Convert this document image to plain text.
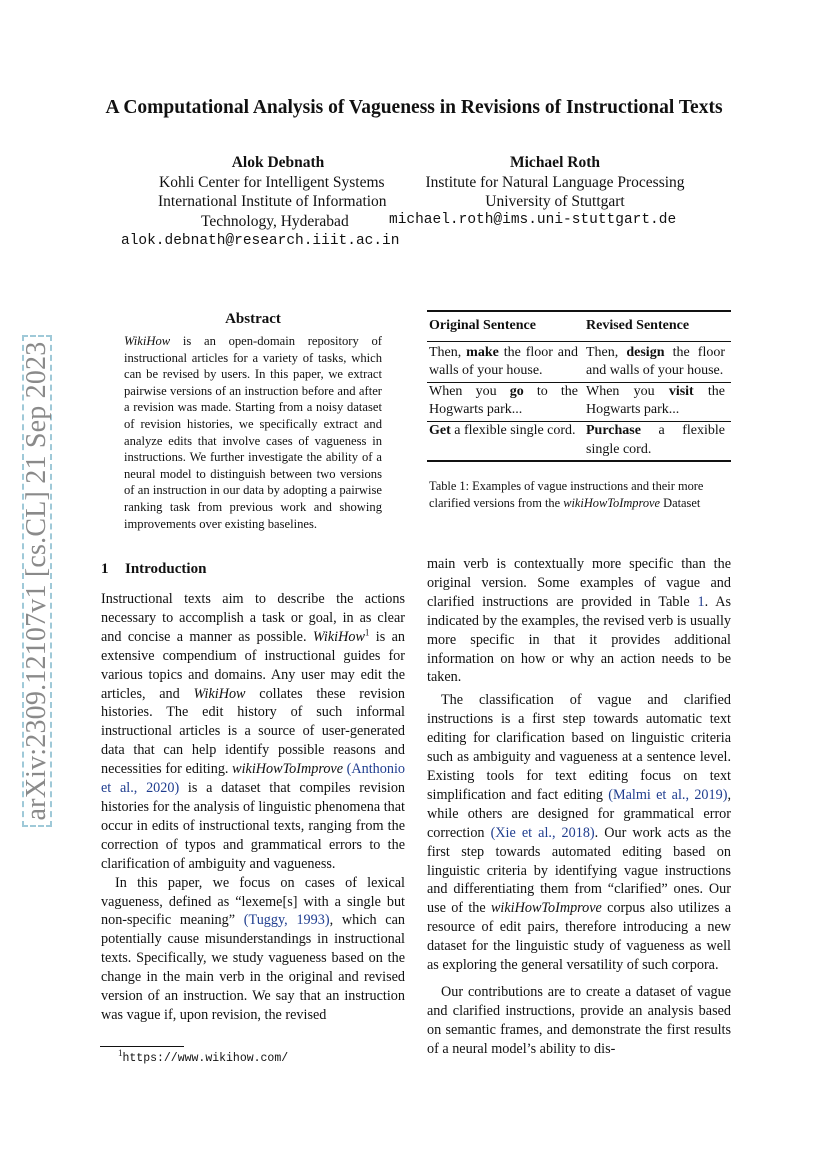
arXiv:2309.12107v1 [cs.CL] 21 Sep 2023
A Computational Analysis of Vagueness in Revisions of Instructional Texts
Alok Debnath
Kohli Center for Intelligent Systems
International Institute of Information
Technology, Hyderabad
alok.debnath@research.iiit.ac.in
Michael Roth
Institute for Natural Language Processing
University of Stuttgart
michael.roth@ims.uni-stuttgart.de
Abstract
WikiHow is an open-domain repository of instructional articles for a variety of tasks, which can be revised by users. In this paper, we extract pairwise versions of an instruction before and after a revision was made. Starting from a noisy dataset of revision histories, we specifically extract and analyze edits that involve cases of vagueness in instructions. We further investigate the ability of a neural model to distinguish between two versions of an instruction in our data by adopting a pairwise ranking task from previous work and showing improvements over existing baselines.
1 Introduction

Instructional texts aim to describe the actions necessary to accomplish a task or goal, in as clear and concise a manner as possible. WikiHow$^1$ is an extensive compendium of instructional guides for various topics and domains. Any user may edit the articles, and WikiHow collates these revision histories. The edit history of such informal instructional articles is a source of user-generated data that can help identify possible reasons and necessities for editing. wikiHowToImprove (Anthonio et al., 2020) is a dataset that compiles revision histories for the analysis of linguistic phenomena that occur in edits of instructional texts, ranging from the correction of typos and grammatical errors to the clarification of ambiguity and vagueness.

In this paper, we focus on cases of lexical vagueness, defined as “lexeme[s] with a single but non-specific meaning” (Tuggy, 1993), which can potentially cause misunderstandings in instructional texts. Specifically, we study vagueness based on the change in the main verb in the original and revised version of an instruction. We say that an instruction was vague if, upon revision, the revised

Original Sentence	Revised Sentence
Then, make the floor and walls of your house.	Then, design the floor and walls of your house.
When you go to the Hogwarts park...	When you visit the Hogwarts park...
Get a flexible single cord.	Purchase a flexible single cord.
Table 1: Examples of vague instructions and their more clarified versions from the wikiHowToImprove Dataset

main verb is contextually more specific than the original version. Some examples of vague and clarified instructions are provided in Table 1. As indicated by the examples, the revised verb is usually more specific in that it provides additional information on how or why an action needs to be taken.

The classification of vague and clarified instructions is a first step towards automatic text editing for clarification based on linguistic criteria such as ambiguity and vagueness at a sentence level. Existing tools for text editing focus on text simplification and fact editing (Malmi et al., 2019), while others are designed for grammatical error correction (Xie et al., 2018). Our work acts as the first step towards automated editing based on linguistic criteria by identifying vague instructions and differentiating them from “clarified” ones. Our use of the wikiHowToImprove corpus also utilizes a resource of edit pairs, therefore introducing a new dataset for the linguistic study of vagueness as well as exploring the general versatility of such corpora.

Our contributions are to create a dataset of vague and clarified instructions, provide an analysis based on semantic frames, and demonstrate the first results of a neural model’s ability to dis-

$^1$https://www.wikihow.com/
